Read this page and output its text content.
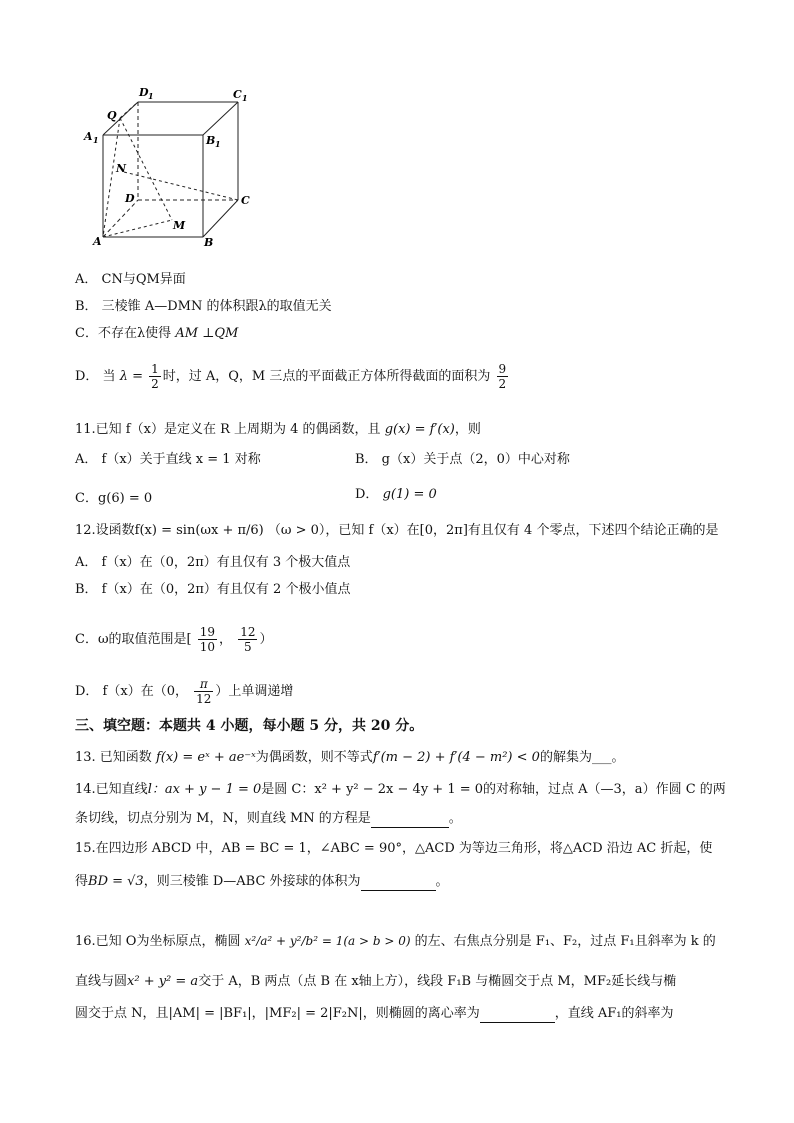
D 1	C 1
A 1	B 1
Q
N
D	C
M
A	B
A． CN与QM异面
B． 三棱锥 A—DMN 的体积跟λ的取值无关
C．不存在λ使得 AM ⊥QM
D． 当 $\lambda = \frac{1}{2}$ 时，过 A，Q，M 三点的平面截正方体所得截面的面积为 $\frac{9}{2}$
11.已知 f（x）是定义在 R 上周期为 4 的偶函数，且 g(x) = f′(x)，则
A． f（x）关于直线 x = 1 对称	B． g（x）关于点（2，0）中心对称
C．g(6) = 0	D． g(1) = 0
12.设函数f(x) = sin(ωx + π/6) （ω > 0），已知 f（x）在[0，2π]有且仅有 4 个零点，下述四个结论正确的是
A． f（x）在（0，2π）有且仅有 3 个极大值点
B． f（x）在（0，2π）有且仅有 2 个极小值点
C．ω的取值范围是[ $\frac{19}{10}$ ， $\frac{12}{5}$ ）
D． f（x）在（0， $\frac{\pi}{12}$ ）上单调递增
三、填空题：本题共 4 小题，每小题 5 分，共 20 分。
13. 已知函数 f(x) = eˣ + ae⁻ˣ为偶函数，则不等式f′(m − 2) + f′(4 − m²) < 0的解集为___。
14.已知直线l：ax + y − 1 = 0是圆 C：x² + y² − 2x − 4y + 1 = 0的对称轴，过点 A（—3，a）作圆 C 的两
条切线，切点分别为 M，N，则直线 MN 的方程是	。
15.在四边形 ABCD 中，AB = BC = 1，∠ABC = 90°，△ACD 为等边三角形，将△ACD 沿边 AC 折起，使
得BD = √3，则三棱锥 D—ABC 外接球的体积为	。
16.已知 O为坐标原点，椭圆 x²/a² + y²/b² = 1(a > b > 0) 的左、右焦点分别是 F₁、F₂，过点 F₁且斜率为 k 的
直线与圆x² + y² = a交于 A，B 两点（点 B 在 x轴上方），线段 F₁B 与椭圆交于点 M，MF₂延长线与椭
圆交于点 N，且|AM| = |BF₁|，|MF₂| = 2|F₂N|，则椭圆的离心率为	，直线 AF₁的斜率为
